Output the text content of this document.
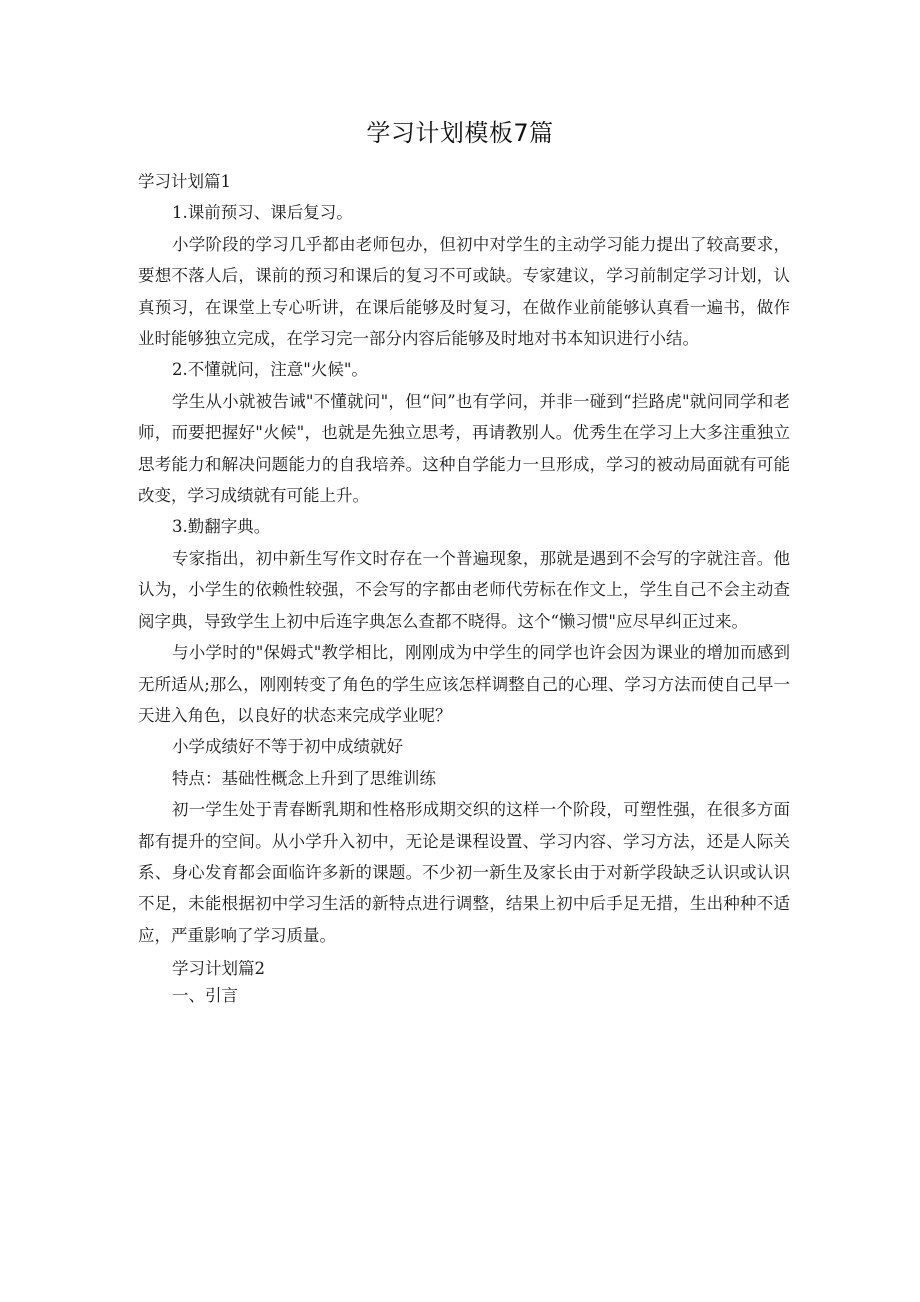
学习计划模板7篇

学习计划篇1

1.课前预习、课后复习。

小学阶段的学习几乎都由老师包办，但初中对学生的主动学习能力提出了较高要求，要想不落人后，课前的预习和课后的复习不可或缺。专家建议，学习前制定学习计划，认真预习，在课堂上专心听讲，在课后能够及时复习，在做作业前能够认真看一遍书，做作业时能够独立完成，在学习完一部分内容后能够及时地对书本知识进行小结。

2.不懂就问，注意"火候"。

学生从小就被告诫"不懂就问"，但“问”也有学问，并非一碰到“拦路虎"就问同学和老师，而要把握好"火候"，也就是先独立思考，再请教别人。优秀生在学习上大多注重独立思考能力和解决问题能力的自我培养。这种自学能力一旦形成，学习的被动局面就有可能改变，学习成绩就有可能上升。

3.勤翻字典。

专家指出，初中新生写作文时存在一个普遍现象，那就是遇到不会写的字就注音。他认为，小学生的依赖性较强，不会写的字都由老师代劳标在作文上，学生自己不会主动查阅字典，导致学生上初中后连字典怎么查都不晓得。这个“懒习惯"应尽早纠正过来。

与小学时的"保姆式"教学相比，刚刚成为中学生的同学也许会因为课业的增加而感到无所适从;那么，刚刚转变了角色的学生应该怎样调整自己的心理、学习方法而使自己早一天进入角色，以良好的状态来完成学业呢？

小学成绩好不等于初中成绩就好

特点：基础性概念上升到了思维训练

初一学生处于青春断乳期和性格形成期交织的这样一个阶段，可塑性强，在很多方面都有提升的空间。从小学升入初中，无论是课程设置、学习内容、学习方法，还是人际关系、身心发育都会面临许多新的课题。不少初一新生及家长由于对新学段缺乏认识或认识不足，未能根据初中学习生活的新特点进行调整，结果上初中后手足无措，生出种种不适应，严重影响了学习质量。

学习计划篇2

一、引言
